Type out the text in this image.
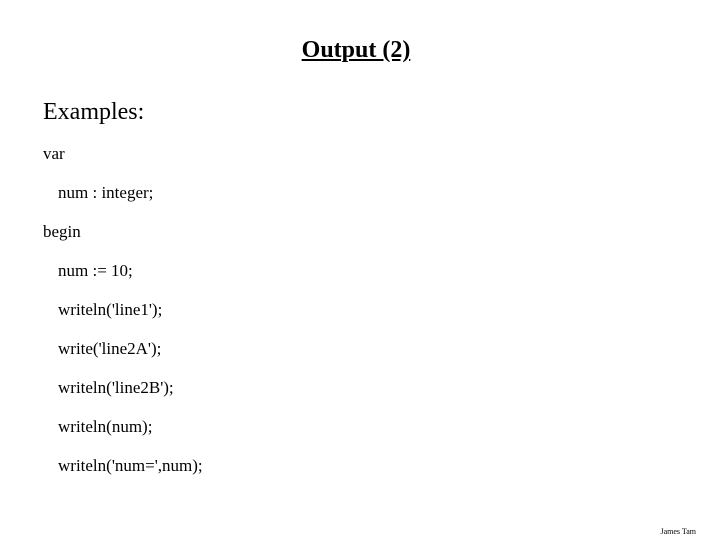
Output (2)
Examples:
var
num : integer;
begin
num := 10;
writeln('line1');
write('line2A');
writeln('line2B');
writeln(num);
writeln('num=',num);
James Tam
